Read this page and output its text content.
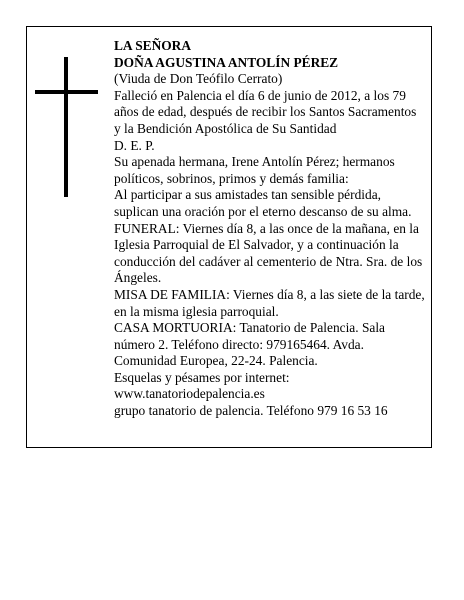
LA SEÑORA

DOÑA AGUSTINA ANTOLÍN PÉREZ

(Viuda de Don Teófilo Cerrato)

Falleció en Palencia el día 6 de junio de 2012, a los 79 años de edad, después de recibir los Santos Sacramentos y la Bendición Apostólica de Su Santidad

D. E. P.

Su apenada hermana, Irene Antolín Pérez; hermanos políticos, sobrinos, primos y demás familia:

Al participar a sus amistades tan sensible pérdida, suplican una oración por el eterno descanso de su alma.

FUNERAL: Viernes día 8, a las once de la mañana, en la Iglesia Parroquial de El Salvador, y a continuación la conducción del cadáver al cementerio de Ntra. Sra. de los Ángeles.

MISA DE FAMILIA: Viernes día 8, a las siete de la tarde, en la misma iglesia parroquial.

CASA MORTUORIA: Tanatorio de Palencia. Sala número 2. Teléfono directo: 979165464. Avda. Comunidad Europea, 22-24. Palencia.

Esquelas y pésames por internet:

www.tanatoriodepalencia.es

grupo tanatorio de palencia. Teléfono 979 16 53 16
